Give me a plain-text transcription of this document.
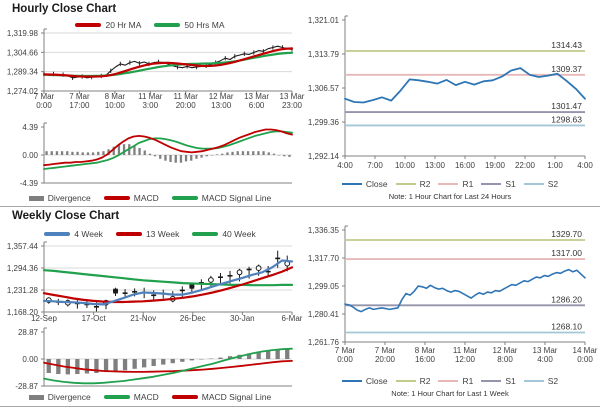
Hourly Close Chart
20 Hr MA	50 Hrs MA
1,319.98
1,304.66
1,289.34
1,274.02
7 Mar
0:00
7 Mar
17:00
8 Mar
10:00
11 Mar
3:00
11 Mar
20:00
12 Mar
13:00
13 Mar
6:00
13 Mar
23:00
4.39
0.00
-4.39
Divergence	MACD	MACD Signal Line
1,321.01
1,313.79
1,306.57
1,299.36
1,292.14
4:00 7:00 10:00 13:00 16:00 19:00 22:00 1:00 4:00
1314.43
1309.37
1301.47
1298.63
Close	R2	R1	S1	S2
Note: 1 Hour Chart for Last 24 Hours
Weekly Close Chart
4 Week	13 Week	40 Week
1,357.44
1,294.36
1,231.28
1,168.20
12-Sep	17-Oct	21-Nov	26-Dec	30-Jan	6-Mar
28.87
0.00
-28.87
Divergence	MACD	MACD Signal Line
1,336.35
1,317.70
1,299.05
1,280.41
1,261.76
7 Mar
0:00
7 Mar
20:00
8 Mar
16:00
11 Mar
12:00
12 Mar
8:00
13 Mar
4:00
14 Mar
0:00
1329.70
1317.00
1286.20
1268.10
Close	R2	R1	S1	S2
Note: 1 Hour Chart for Last 1 Week
